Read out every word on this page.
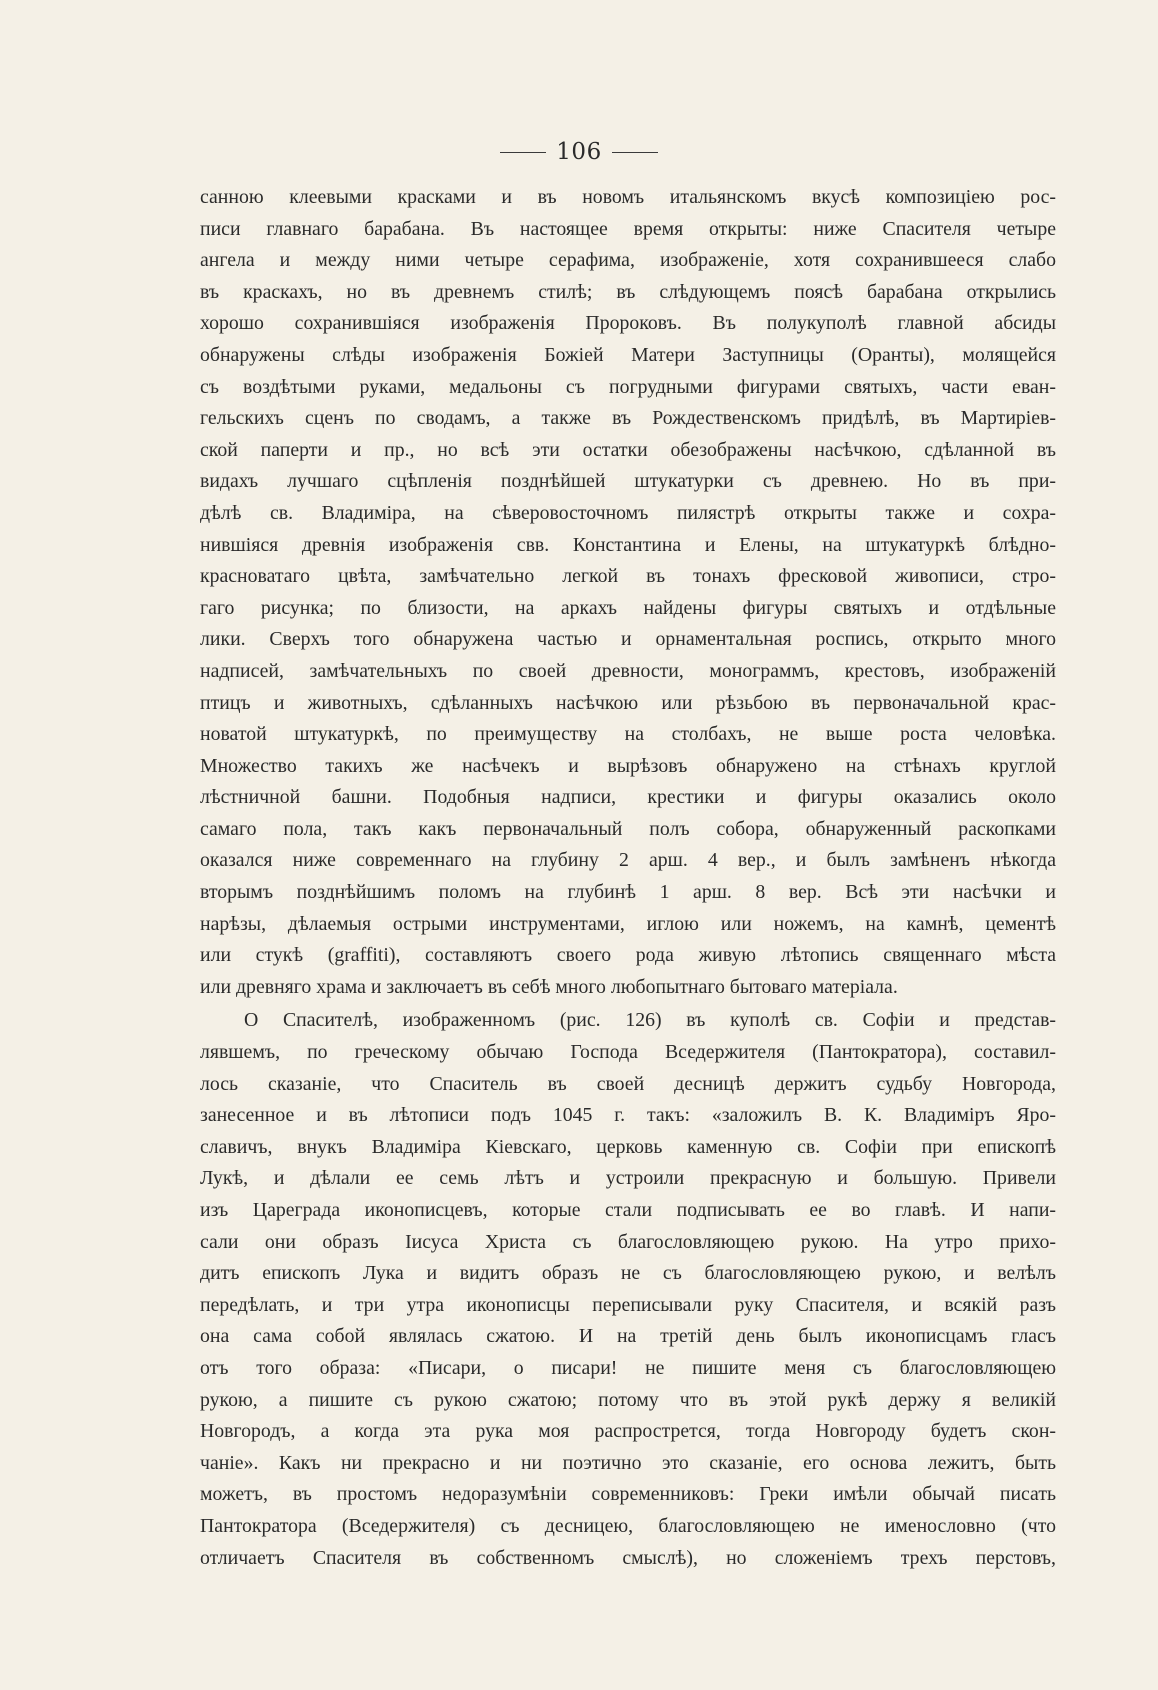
106
санною клеевыми красками и въ новомъ итальянскомъ вкусѣ композиціею рос-
писи главнаго барабана. Въ настоящее время открыты: ниже Спасителя четыре
ангела и между ними четыре серафима, изображеніе, хотя сохранившееся слабо
въ краскахъ, но въ древнемъ стилѣ; въ слѣдующемъ поясѣ барабана открылись
хорошо сохранившіяся изображенія Пророковъ. Въ полукуполѣ главной абсиды
обнаружены слѣды изображенія Божіей Матери Заступницы (Оранты), молящейся
съ воздѣтыми руками, медальоны съ погрудными фигурами святыхъ, части еван-
гельскихъ сценъ по сводамъ, а также въ Рождественскомъ придѣлѣ, въ Мартиріев-
ской паперти и пр., но всѣ эти остатки обезображены насѣчкою, сдѣланной въ
видахъ лучшаго сцѣпленія позднѣйшей штукатурки съ древнею. Но въ при-
дѣлѣ св. Владиміра, на сѣверовосточномъ пилястрѣ открыты также и сохра-
нившіяся древнія изображенія свв. Константина и Елены, на штукатуркѣ блѣдно-
красноватаго цвѣта, замѣчательно легкой въ тонахъ фресковой живописи, стро-
гаго рисунка; по близости, на аркахъ найдены фигуры святыхъ и отдѣльные
лики. Сверхъ того обнаружена частью и орнаментальная роспись, открыто много
надписей, замѣчательныхъ по своей древности, монограммъ, крестовъ, изображеній
птицъ и животныхъ, сдѣланныхъ насѣчкою или рѣзьбою въ первоначальной крас-
новатой штукатуркѣ, по преимуществу на столбахъ, не выше роста человѣка.
Множество такихъ же насѣчекъ и вырѣзовъ обнаружено на стѣнахъ круглой
лѣстничной башни. Подобныя надписи, крестики и фигуры оказались около
самаго пола, такъ какъ первоначальный полъ собора, обнаруженный раскопками
оказался ниже современнаго на глубину 2 арш. 4 вер., и былъ замѣненъ нѣкогда
вторымъ позднѣйшимъ поломъ на глубинѣ 1 арш. 8 вер. Всѣ эти насѣчки и
нарѣзы, дѣлаемыя острыми инструментами, иглою или ножемъ, на камнѣ, цементѣ
или стукѣ (graffiti), составляютъ своего рода живую лѣтопись священнаго мѣста
или древняго храма и заключаетъ въ себѣ много любопытнаго бытоваго матеріала.
О Спасителѣ, изображенномъ (рис. 126) въ куполѣ св. Софіи и представ-
лявшемъ, по греческому обычаю Господа Вседержителя (Пантократора), составил-
лось сказаніе, что Спаситель въ своей десницѣ держитъ судьбу Новгорода,
занесенное и въ лѣтописи подъ 1045 г. такъ: «заложилъ В. К. Владиміръ Яро-
славичъ, внукъ Владиміра Кіевскаго, церковь каменную св. Софіи при епископѣ
Лукѣ, и дѣлали ее семь лѣтъ и устроили прекрасную и большую. Привели
изъ Цареграда иконописцевъ, которые стали подписывать ее во главѣ. И напи-
сали они образъ Іисуса Христа съ благословляющею рукою. На утро прихо-
дитъ епископъ Лука и видитъ образъ не съ благословляющею рукою, и велѣлъ
передѣлать, и три утра иконописцы переписывали руку Спасителя, и всякій разъ
она сама собой являлась сжатою. И на третій день былъ иконописцамъ гласъ
отъ того образа: «Писари, о писари! не пишите меня съ благословляющею
рукою, а пишите съ рукою сжатою; потому что въ этой рукѣ держу я великій
Новгородъ, а когда эта рука моя распрострется, тогда Новгороду будетъ скон-
чаніе». Какъ ни прекрасно и ни поэтично это сказаніе, его основа лежитъ, быть
можетъ, въ простомъ недоразумѣніи современниковъ: Греки имѣли обычай писать
Пантократора (Вседержителя) съ десницею, благословляющею не именословно (что
отличаетъ Спасителя въ собственномъ смыслѣ), но сложеніемъ трехъ перстовъ,
